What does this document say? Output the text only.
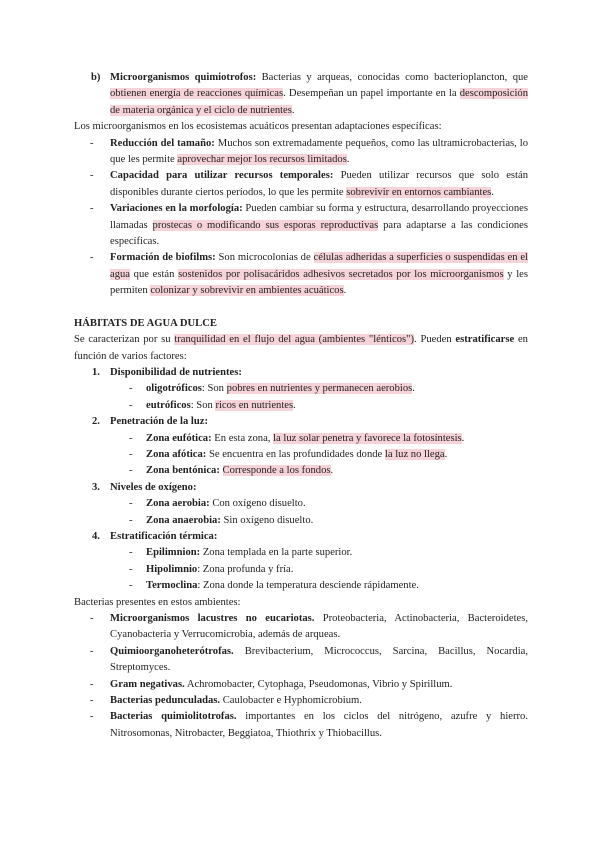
b) Microorganismos quimiotrofos: Bacterias y arqueas, conocidas como bacterioplancton, que obtienen energía de reacciones químicas. Desempeñan un papel importante en la descomposición de materia orgánica y el ciclo de nutrientes.
Los microorganismos en los ecosistemas acuáticos presentan adaptaciones específicas:
- Reducción del tamaño: Muchos son extremadamente pequeños, como las ultramicrobacterias, lo que les permite aprovechar mejor los recursos limitados.
- Capacidad para utilizar recursos temporales: Pueden utilizar recursos que solo están disponibles durante ciertos períodos, lo que les permite sobrevivir en entornos cambiantes.
- Variaciones en la morfología: Pueden cambiar su forma y estructura, desarrollando proyecciones llamadas prostecas o modificando sus esporas reproductivas para adaptarse a las condiciones específicas.
- Formación de biofilms: Son microcolonias de células adheridas a superficies o suspendidas en el agua que están sostenidos por polisacáridos adhesivos secretados por los microorganismos y les permiten colonizar y sobrevivir en ambientes acuáticos.
HÁBITATS DE AGUA DULCE
Se caracterizan por su tranquilidad en el flujo del agua (ambientes "lénticos"). Pueden estratificarse en función de varios factores:
1. Disponibilidad de nutrientes:
- oligotróficos: Son pobres en nutrientes y permanecen aerobios.
- eutróficos: Son ricos en nutrientes.
2. Penetración de la luz:
- Zona eufótica: En esta zona, la luz solar penetra y favorece la fotosíntesis.
- Zona afótica: Se encuentra en las profundidades donde la luz no llega.
- Zona bentónica: Corresponde a los fondos.
3. Niveles de oxígeno:
- Zona aerobia: Con oxígeno disuelto.
- Zona anaerobia: Sin oxígeno disuelto.
4. Estratificación térmica:
- Epilimnion: Zona templada en la parte superior.
- Hipolimnio: Zona profunda y fría.
- Termoclina: Zona donde la temperatura desciende rápidamente.
Bacterias presentes en estos ambientes:
- Microorganismos lacustres no eucariotas. Proteobacteria, Actinobacteria, Bacteroidetes, Cyanobacteria y Verrucomicrobia, además de arqueas.
- Quimioorganoheterótrofas. Brevibacterium, Micrococcus, Sarcina, Bacillus, Nocardia, Streptomyces.
- Gram negativas. Achromobacter, Cytophaga, Pseudomonas, Vibrio y Spirillum.
- Bacterias pedunculadas. Caulobacter e Hyphomicrobium.
- Bacterias quimiolitotrofas. importantes en los ciclos del nitrógeno, azufre y hierro. Nitrosomonas, Nitrobacter, Beggiatoa, Thiothrix y Thiobacillus.
